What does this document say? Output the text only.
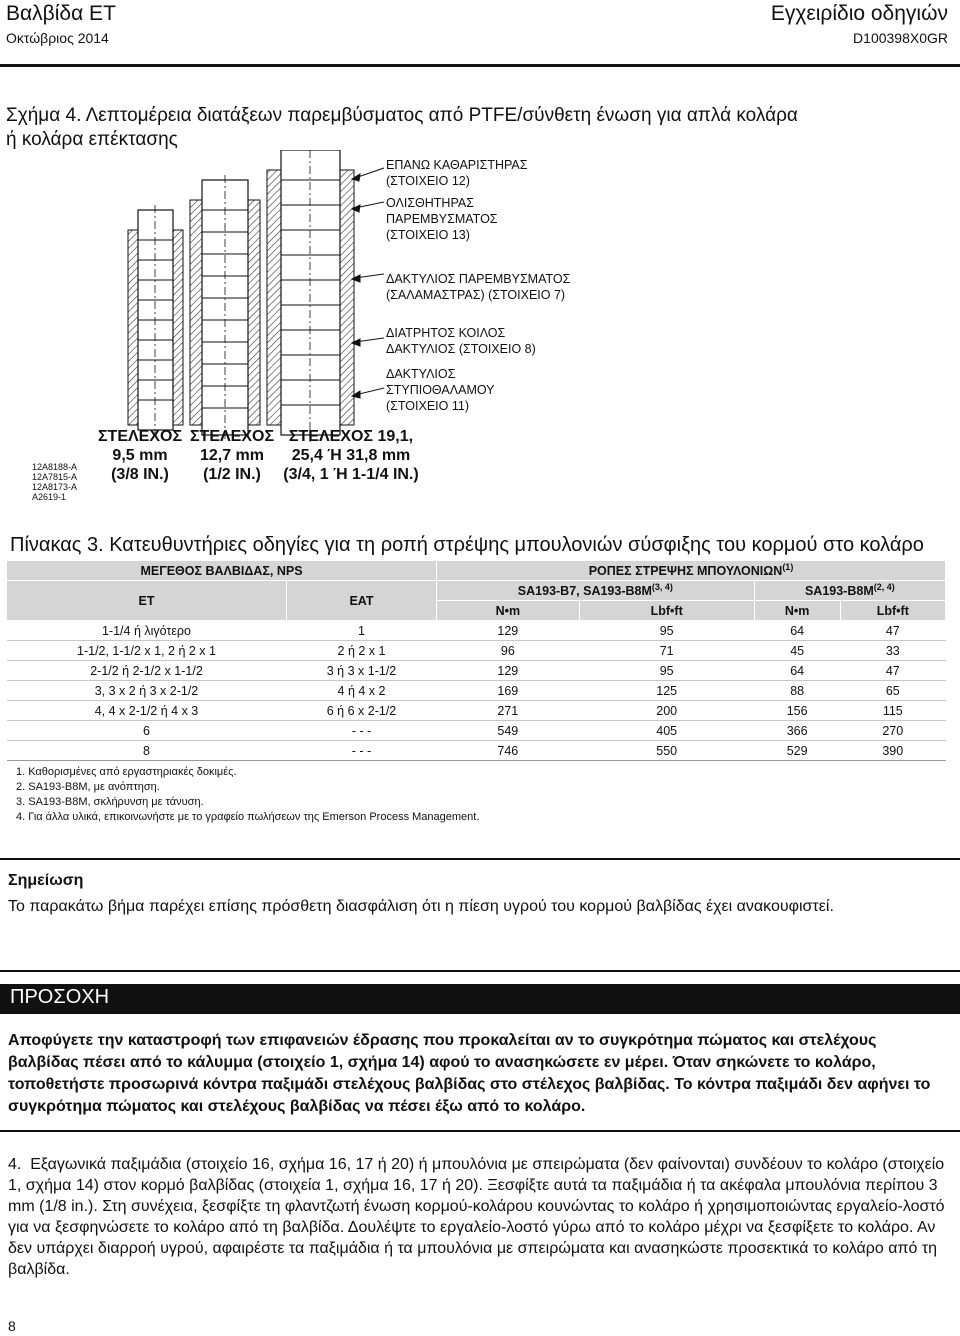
Βαλβίδα ET
Οκτώβριος 2014
Εγχειρίδιο οδηγιών
D100398X0GR
Σχήμα 4. Λεπτομέρεια διατάξεων παρεμβύσματος από PTFE/σύνθετη ένωση για απλά κολάρα ή κολάρα επέκτασης
ΕΠΑΝΩ ΚΑΘΑΡΙΣΤΗΡΑΣ
(ΣΤΟΙΧΕΙΟ 12)
ΟΛΙΣΘΗΤΗΡΑΣ
ΠΑΡΕΜΒΥΣΜΑΤΟΣ
(ΣΤΟΙΧΕΙΟ 13)
ΔΑΚΤΥΛΙΟΣ ΠΑΡΕΜΒΥΣΜΑΤΟΣ
(ΣΑΛΑΜΑΣΤΡΑΣ) (ΣΤΟΙΧΕΙΟ 7)
ΔΙΑΤΡΗΤΟΣ ΚΟΙΛΟΣ
ΔΑΚΤΥΛΙΟΣ (ΣΤΟΙΧΕΙΟ 8)
ΔΑΚΤΥΛΙΟΣ
ΣΤΥΠΙΟΘΑΛΑΜΟΥ
(ΣΤΟΙΧΕΙΟ 11)
ΣΤΕΛΕΧΟΣ
9,5 mm
(3/8 IN.)
ΣΤΕΛΕΧΟΣ
12,7 mm
(1/2 IN.)
ΣΤΕΛΕΧΟΣ 19,1,
25,4 Ή 31,8 mm
(3/4, 1 Ή 1-1/4 IN.)
12A8188-A
12A7815-A
12A8173-A
A2619-1
Πίνακας 3. Κατευθυντήριες οδηγίες για τη ροπή στρέψης μπουλονιών σύσφιξης του κορμού στο κολάρο
ΜΕΓΕΘΟΣ ΒΑΛΒΙΔΑΣ, NPS		ΡΟΠΕΣ ΣΤΡΕΨΗΣ ΜΠΟΥΛΟΝΙΩΝ$^{(1)}$
ET	EAT	SA193-B7, $SA193-B8M^{(3, 4)}$		$SA193-B8M^{(2, 4)}$
		N•m	Lbf•ft	N•m	Lbf•ft
1-1/4 ή λιγότερο	1	129	95	64	47
1-1/2, 1-1/2 x 1, 2 ή 2 x 1	2 ή 2 x 1	96	71	45	33
2-1/2 ή 2-1/2 x 1-1/2	3 ή 3 x 1-1/2	129	95	64	47
3, 3 x 2 ή 3 x 2-1/2	4 ή 4 x 2	169	125	88	65
4, 4 x 2-1/2 ή 4 x 3	6 ή 6 x 2-1/2	271	200	156	115
6	- - -	549	405	366	270
8	- - -	746	550	529	390
1. Καθορισμένες από εργαστηριακές δοκιμές.
2. SA193-B8M, με ανόπτηση.
3. SA193-B8M, σκλήρυνση με τάνυση.
4. Για άλλα υλικά, επικοινωνήστε με το γραφείο πωλήσεων της Emerson Process Management.
Σημείωση
Το παρακάτω βήμα παρέχει επίσης πρόσθετη διασφάλιση ότι η πίεση υγρού του κορμού βαλβίδας έχει ανακουφιστεί.
ΠΡΟΣΟΧΗ
Αποφύγετε την καταστροφή των επιφανειών έδρασης που προκαλείται αν το συγκρότημα πώματος και στελέχους βαλβίδας πέσει από το κάλυμμα (στοιχείο 1, σχήμα 14) αφού το ανασηκώσετε εν μέρει. Όταν σηκώνετε το κολάρο, τοποθετήστε προσωρινά κόντρα παξιμάδι στελέχους βαλβίδας στο στέλεχος βαλβίδας. Το κόντρα παξιμάδι δεν αφήνει το συγκρότημα πώματος και στελέχους βαλβίδας να πέσει έξω από το κολάρο.
4. Εξαγωνικά παξιμάδια (στοιχείο 16, σχήμα 16, 17 ή 20) ή μπουλόνια με σπειρώματα (δεν φαίνονται) συνδέουν το κολάρο (στοιχείο 1, σχήμα 14) στον κορμό βαλβίδας (στοιχεία 1, σχήμα 16, 17 ή 20). Ξεσφίξτε αυτά τα παξιμάδια ή τα ακέφαλα μπουλόνια περίπου 3 mm (1/8 in.). Στη συνέχεια, ξεσφίξτε τη φλαντζωτή ένωση κορμού-κολάρου κουνώντας το κολάρο ή χρησιμοποιώντας εργαλείο-λοστό για να ξεσφηνώσετε το κολάρο από τη βαλβίδα. Δουλέψτε το εργαλείο-λοστό γύρω από το κολάρο μέχρι να ξεσφίξετε το κολάρο. Αν δεν υπάρχει διαρροή υγρού, αφαιρέστε τα παξιμάδια ή τα μπουλόνια με σπειρώματα και ανασηκώστε προσεκτικά το κολάρο από τη βαλβίδα.
8
